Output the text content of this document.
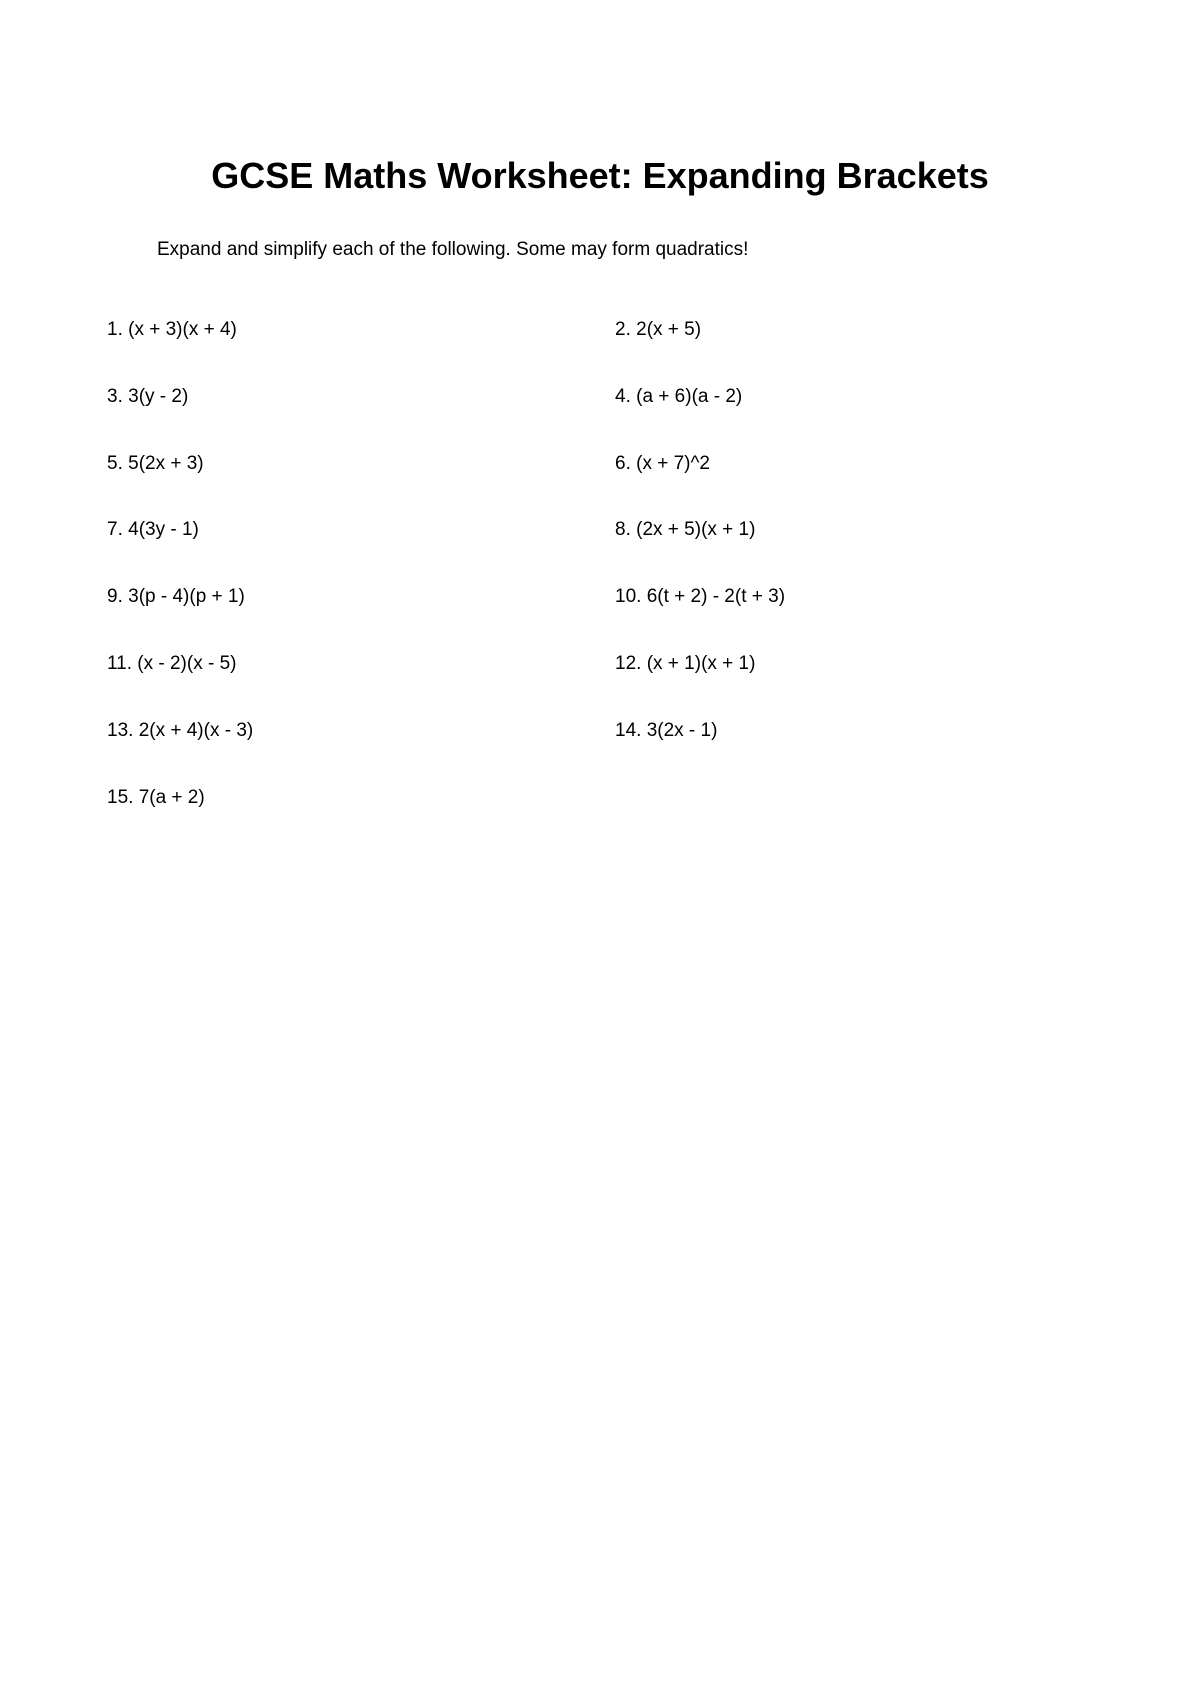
GCSE Maths Worksheet: Expanding Brackets

Expand and simplify each of the following. Some may form quadratics!

1. (x + 3)(x + 4)	2. 2(x + 5)
3. 3(y - 2)	4. (a + 6)(a - 2)
5. 5(2x + 3)	6. (x + 7)^2
7. 4(3y - 1)	8. (2x + 5)(x + 1)
9. 3(p - 4)(p + 1)	10. 6(t + 2) - 2(t + 3)
11. (x - 2)(x - 5)	12. (x + 1)(x + 1)
13. 2(x + 4)(x - 3)	14. 3(2x - 1)
15. 7(a + 2)
